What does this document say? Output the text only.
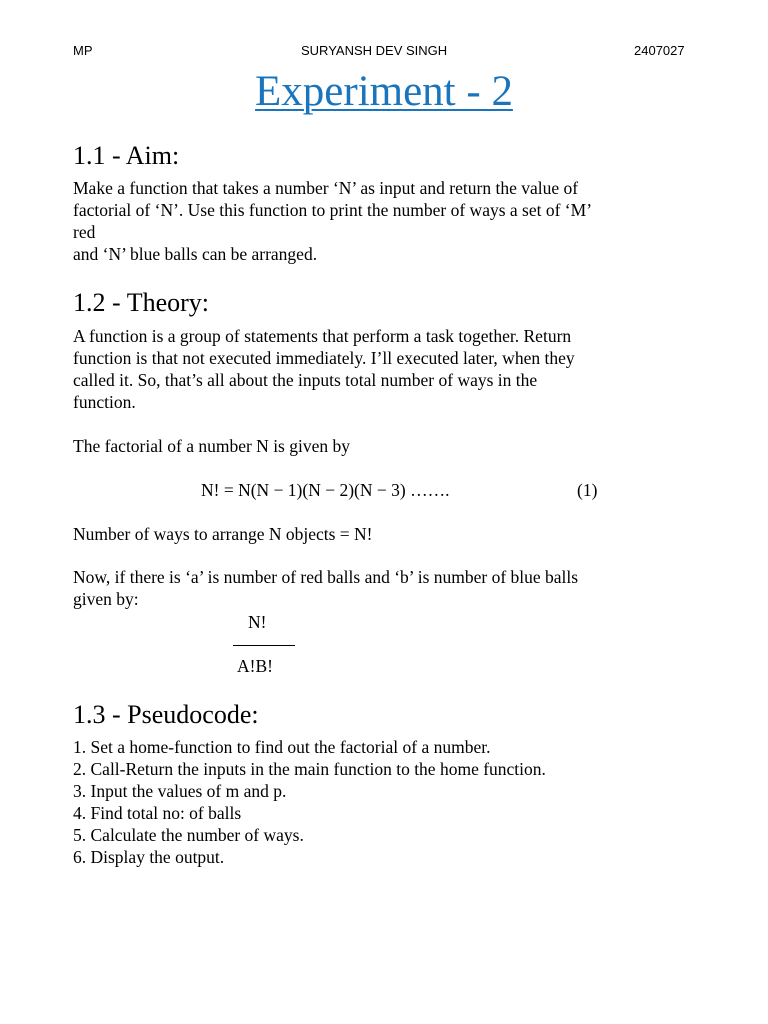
MP	SURYANSH DEV SINGH	2407027
Experiment - 2
1.1 - Aim:
Make a function that takes a number ‘N’ as input and return the value of
factorial of ‘N’. Use this function to print the number of ways a set of ‘M’
red
and ‘N’ blue balls can be arranged.
1.2 - Theory:
A function is a group of statements that perform a task together. Return
function is that not executed immediately. I’ll executed later, when they
called it. So, that’s all about the inputs total number of ways in the
function.
The factorial of a number N is given by
N! = N(N − 1)(N − 2)(N − 3) …….	(1)
Number of ways to arrange N objects = N!
Now, if there is ‘a’ is number of red balls and ‘b’ is number of blue balls
given by:
N!
A!B!
1.3 - Pseudocode:
1. Set a home-function to find out the factorial of a number.
2. Call-Return the inputs in the main function to the home function.
3. Input the values of m and p.
4. Find total no: of balls
5. Calculate the number of ways.
6. Display the output.
